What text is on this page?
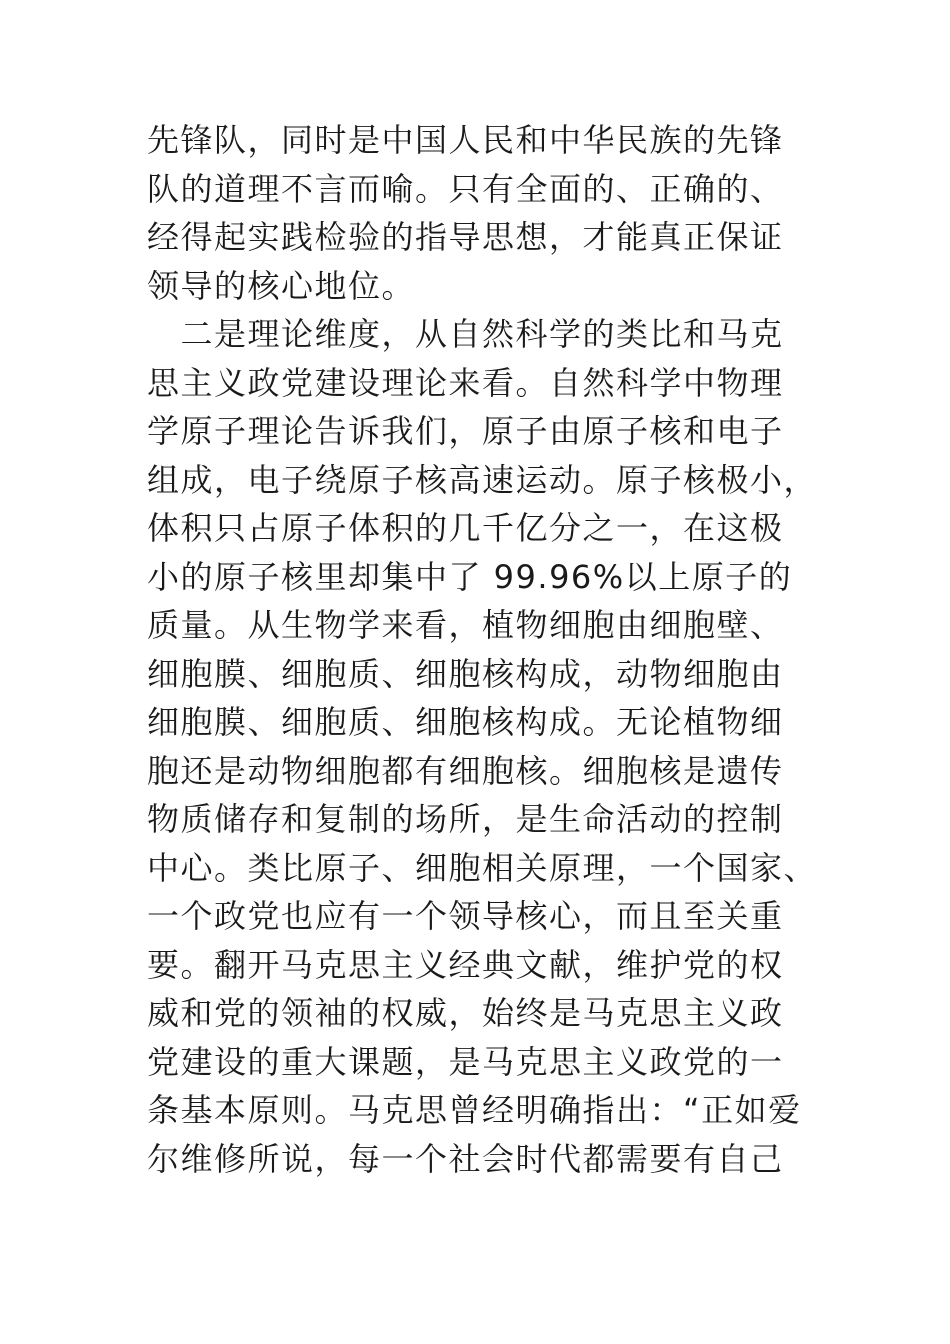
先锋队，同时是中国人民和中华民族的先锋
队的道理不言而喻。只有全面的、正确的、
经得起实践检验的指导思想，才能真正保证
领导的核心地位。
　二是理论维度，从自然科学的类比和马克
思主义政党建设理论来看。自然科学中物理
学原子理论告诉我们，原子由原子核和电子
组成，电子绕原子核高速运动。原子核极小，
体积只占原子体积的几千亿分之一，在这极
小的原子核里却集中了 99.96%以上原子的
质量。从生物学来看，植物细胞由细胞壁、
细胞膜、细胞质、细胞核构成，动物细胞由
细胞膜、细胞质、细胞核构成。无论植物细
胞还是动物细胞都有细胞核。细胞核是遗传
物质储存和复制的场所，是生命活动的控制
中心。类比原子、细胞相关原理，一个国家、
一个政党也应有一个领导核心，而且至关重
要。翻开马克思主义经典文献，维护党的权
威和党的领袖的权威，始终是马克思主义政
党建设的重大课题，是马克思主义政党的一
条基本原则。马克思曾经明确指出：“正如爱
尔维修所说，每一个社会时代都需要有自己
